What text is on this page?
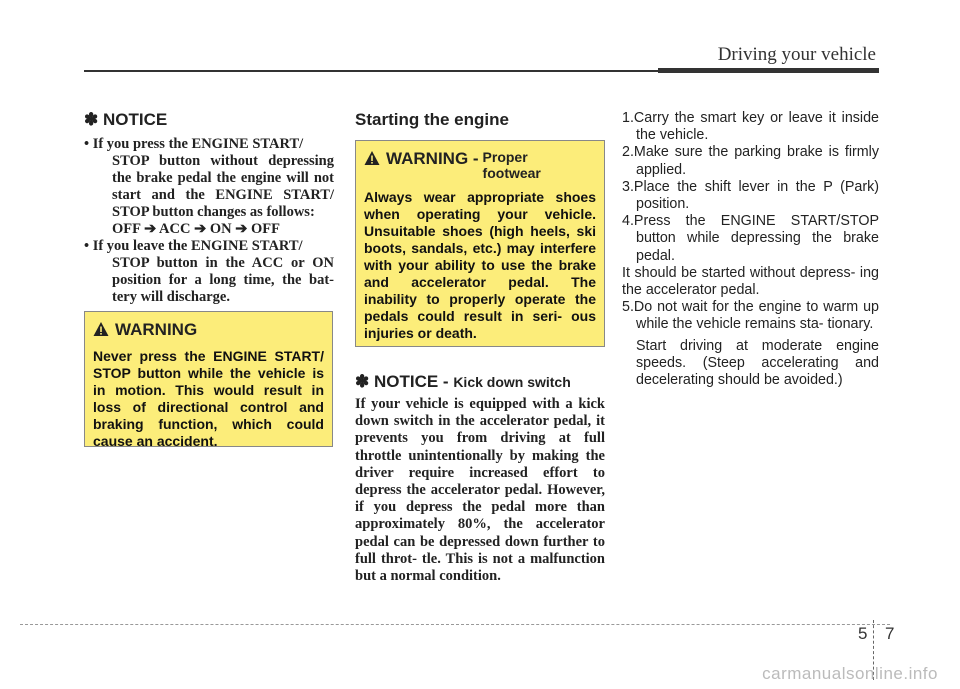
Driving your vehicle
✽ NOTICE
• If you press the ENGINE START/
STOP button without depressing the brake pedal the engine will not start and the ENGINE START/ STOP button changes as follows:
OFF ➔ ACC ➔ ON ➔ OFF
• If you leave the ENGINE START/
STOP button in the ACC or ON position for a long time, the bat- tery will discharge.
WARNING
Never press the ENGINE START/ STOP button while the vehicle is in motion. This would result in loss of directional control and braking function, which could cause an accident.
Starting the engine
WARNING - Proper footwear
Always wear appropriate shoes when operating your vehicle. Unsuitable shoes (high heels, ski boots, sandals, etc.) may interfere with your ability to use the brake and accelerator pedal. The inability to properly operate the pedals could result in seri- ous injuries or death.
✽ NOTICE - Kick down switch

If your vehicle is equipped with a kick down switch in the accelerator pedal, it prevents you from driving at full throttle unintentionally by making the driver require increased effort to depress the accelerator pedal. However, if you depress the pedal more than approximately 80%, the accelerator pedal can be depressed down further to full throt- tle. This is not a malfunction but a normal condition.

1.Carry the smart key or leave it inside the vehicle.
2.Make sure the parking brake is firmly applied.
3.Place the shift lever in the P (Park) position.
4.Press the ENGINE START/STOP button while depressing the brake pedal.
It should be started without depress- ing the accelerator pedal.
5.Do not wait for the engine to warm up while the vehicle remains sta- tionary.
Start driving at moderate engine speeds. (Steep accelerating and decelerating should be avoided.)
5 7
carmanualsonline.info
